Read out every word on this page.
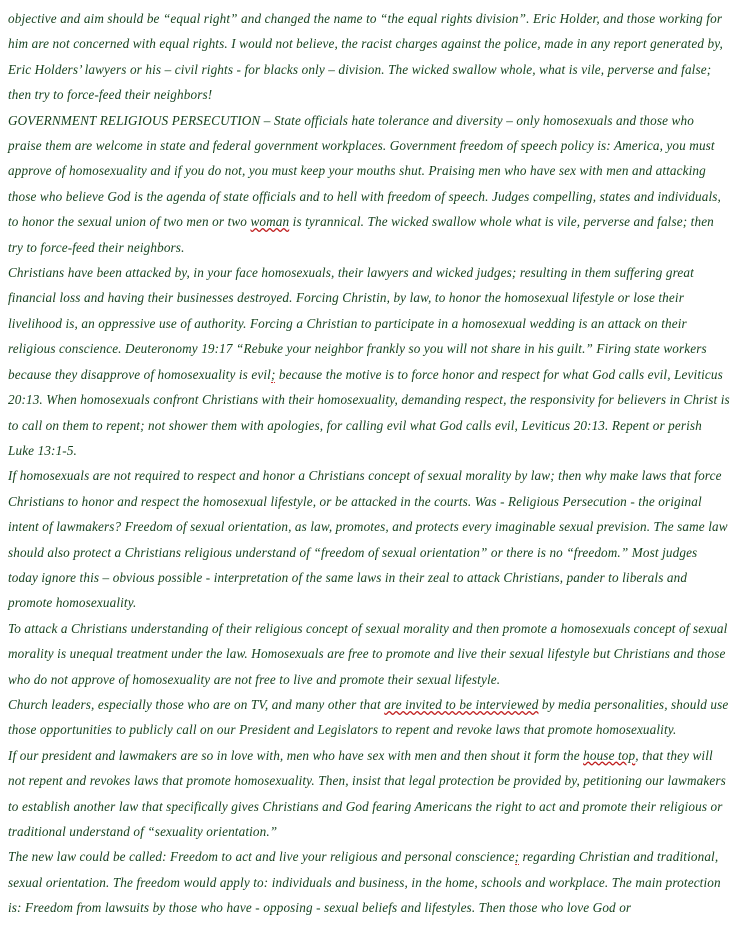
objective and aim should be “equal right” and changed the name to “the equal rights division”. Eric Holder, and those working for him are not concerned with equal rights. I would not believe, the racist charges against the police, made in any report generated by, Eric Holders’ lawyers or his – civil rights - for blacks only – division. The wicked swallow whole, what is vile, perverse and false; then try to force-feed their neighbors!

GOVERNMENT RELIGIOUS PERSECUTION – State officials hate tolerance and diversity – only homosexuals and those who praise them are welcome in state and federal government workplaces. Government freedom of speech policy is: America, you must approve of homosexuality and if you do not, you must keep your mouths shut. Praising men who have sex with men and attacking those who believe God is the agenda of state officials and to hell with freedom of speech. Judges compelling, states and individuals, to honor the sexual union of two men or two woman is tyrannical. The wicked swallow whole what is vile, perverse and false; then try to force-feed their neighbors.

Christians have been attacked by, in your face homosexuals, their lawyers and wicked judges; resulting in them suffering great financial loss and having their businesses destroyed. Forcing Christin, by law, to honor the homosexual lifestyle or lose their livelihood is, an oppressive use of authority. Forcing a Christian to participate in a homosexual wedding is an attack on their religious conscience. Deuteronomy 19:17 “Rebuke your neighbor frankly so you will not share in his guilt.” Firing state workers because they disapprove of homosexuality is evil; because the motive is to force honor and respect for what God calls evil, Leviticus 20:13. When homosexuals confront Christians with their homosexuality, demanding respect, the responsivity for believers in Christ is to call on them to repent; not shower them with apologies, for calling evil what God calls evil, Leviticus 20:13. Repent or perish Luke 13:1-5.

If homosexuals are not required to respect and honor a Christians concept of sexual morality by law; then why make laws that force Christians to honor and respect the homosexual lifestyle, or be attacked in the courts. Was - Religious Persecution - the original intent of lawmakers? Freedom of sexual orientation, as law, promotes, and protects every imaginable sexual prevision. The same law should also protect a Christians religious understand of “freedom of sexual orientation” or there is no “freedom.” Most judges today ignore this – obvious possible - interpretation of the same laws in their zeal to attack Christians, pander to liberals and promote homosexuality.

To attack a Christians understanding of their religious concept of sexual morality and then promote a homosexuals concept of sexual morality is unequal treatment under the law. Homosexuals are free to promote and live their sexual lifestyle but Christians and those who do not approve of homosexuality are not free to live and promote their sexual lifestyle.

Church leaders, especially those who are on TV, and many other that are invited to be interviewed by media personalities, should use those opportunities to publicly call on our President and Legislators to repent and revoke laws that promote homosexuality.

If our president and lawmakers are so in love with, men who have sex with men and then shout it form the house top, that they will not repent and revokes laws that promote homosexuality. Then, insist that legal protection be provided by, petitioning our lawmakers to establish another law that specifically gives Christians and God fearing Americans the right to act and promote their religious or traditional understand of “sexuality orientation.”

The new law could be called: Freedom to act and live your religious and personal conscience; regarding Christian and traditional, sexual orientation. The freedom would apply to: individuals and business, in the home, schools and workplace. The main protection is: Freedom from lawsuits by those who have - opposing - sexual beliefs and lifestyles. Then those who love God or
